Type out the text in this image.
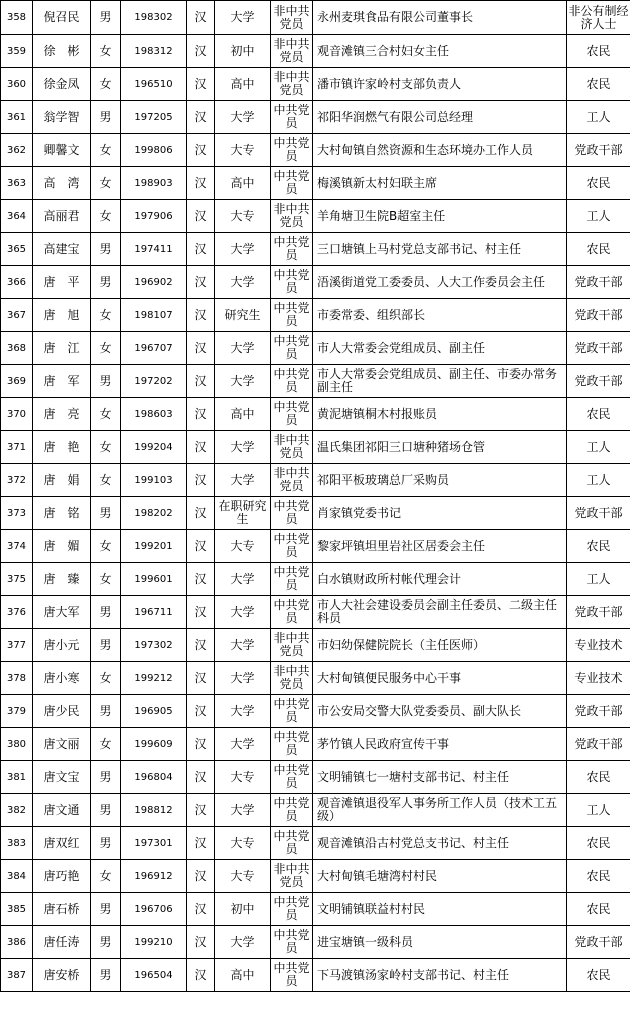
358	倪召民	男	198302	汉	大学	非中共党员	永州麦琪食品有限公司董事长	非公有制经济人士
359	徐　彬	女	198312	汉	初中	非中共党员	观音滩镇三合村妇女主任	农民
360	徐金凤	女	196510	汉	高中	非中共党员	潘市镇许家岭村支部负责人	农民
361	翁学智	男	197205	汉	大学	中共党员	祁阳华润燃气有限公司总经理	工人
362	卿馨文	女	199806	汉	大专	中共党员	大村甸镇自然资源和生态环境办工作人员	党政干部
363	高　湾	女	198903	汉	高中	中共党员	梅溪镇新太村妇联主席	农民
364	高丽君	女	197906	汉	大专	非中共党员	羊角塘卫生院B超室主任	工人
365	高建宝	男	197411	汉	大学	中共党员	三口塘镇上马村党总支部书记、村主任	农民
366	唐　平	男	196902	汉	大学	中共党员	浯溪街道党工委委员、人大工作委员会主任	党政干部
367	唐　旭	女	198107	汉	研究生	中共党员	市委常委、组织部长	党政干部
368	唐　江	女	196707	汉	大学	中共党员	市人大常委会党组成员、副主任	党政干部
369	唐　军	男	197202	汉	大学	中共党员	市人大常委会党组成员、副主任、市委办常务副主任	党政干部
370	唐　亮	女	198603	汉	高中	中共党员	黄泥塘镇桐木村报账员	农民
371	唐　艳	女	199204	汉	大学	非中共党员	温氏集团祁阳三口塘种猪场仓管	工人
372	唐　娟	女	199103	汉	大学	非中共党员	祁阳平板玻璃总厂采购员	工人
373	唐　铭	男	198202	汉	在职研究生	中共党员	肖家镇党委书记	党政干部
374	唐　媚	女	199201	汉	大专	中共党员	黎家坪镇坦里岩社区居委会主任	农民
375	唐　臻	女	199601	汉	大学	中共党员	白水镇财政所村帐代理会计	工人
376	唐大军	男	196711	汉	大学	中共党员	市人大社会建设委员会副主任委员、二级主任科员	党政干部
377	唐小元	男	197302	汉	大学	非中共党员	市妇幼保健院院长（主任医师）	专业技术
378	唐小寒	女	199212	汉	大学	非中共党员	大村甸镇便民服务中心干事	专业技术
379	唐少民	男	196905	汉	大学	中共党员	市公安局交警大队党委委员、副大队长	党政干部
380	唐文丽	女	199609	汉	大学	中共党员	茅竹镇人民政府宣传干事	党政干部
381	唐文宝	男	196804	汉	大专	中共党员	文明铺镇七一塘村支部书记、村主任	农民
382	唐文通	男	198812	汉	大学	中共党员	观音滩镇退役军人事务所工作人员（技术工五级）	工人
383	唐双红	男	197301	汉	大专	中共党员	观音滩镇沿古村党总支书记、村主任	农民
384	唐巧艳	女	196912	汉	大专	非中共党员	大村甸镇毛塘湾村村民	农民
385	唐石桥	男	196706	汉	初中	中共党员	文明铺镇联益村村民	农民
386	唐任涛	男	199210	汉	大学	中共党员	进宝塘镇一级科员	党政干部
387	唐安桥	男	196504	汉	高中	中共党员	下马渡镇汤家岭村支部书记、村主任	农民
